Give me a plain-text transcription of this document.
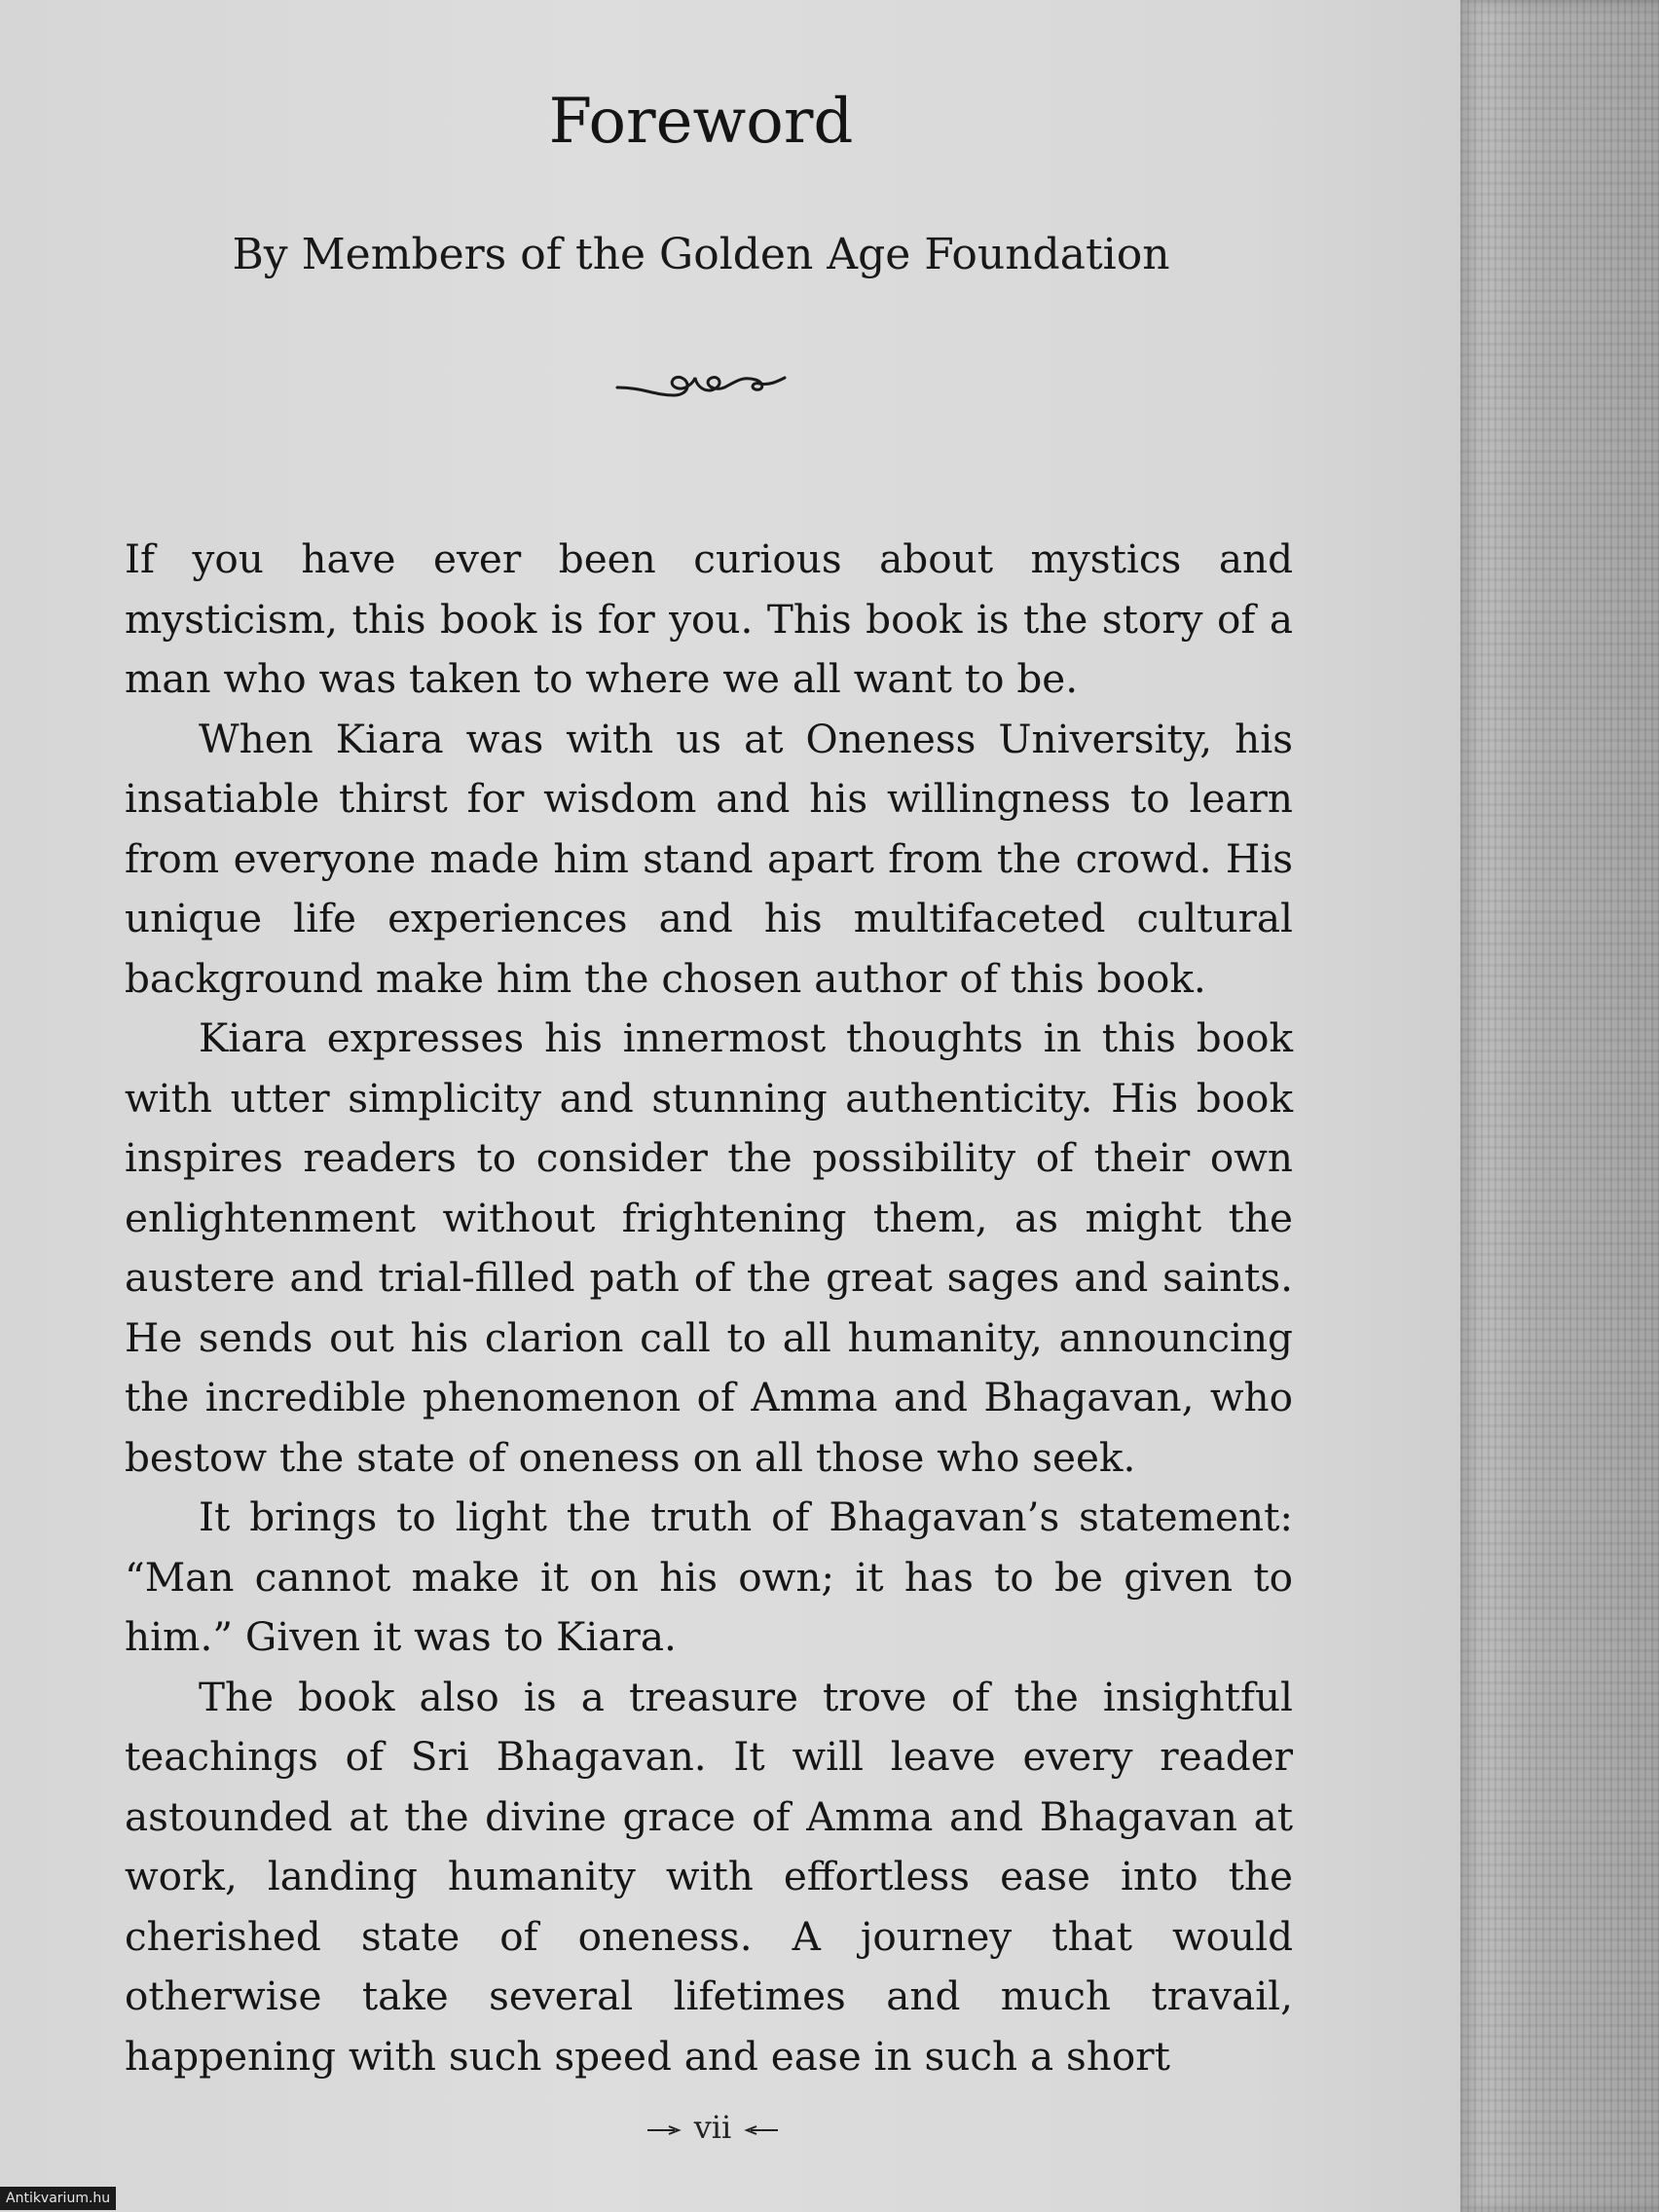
Foreword
By Members of the Golden Age Foundation

If you have ever been curious about mystics and mysticism, this book is for you. This book is the story of a man who was taken to where we all want to be.

When Kiara was with us at Oneness University, his insatiable thirst for wisdom and his willingness to learn from everyone made him stand apart from the crowd. His unique life experiences and his multifaceted cultural background make him the chosen author of this book.

Kiara expresses his innermost thoughts in this book with utter simplicity and stunning authenticity. His book inspires readers to consider the possibility of their own enlightenment without frightening them, as might the austere and trial-filled path of the great sages and saints. He sends out his clarion call to all humanity, announcing the incredible phenomenon of Amma and Bhagavan, who bestow the state of oneness on all those who seek.

It brings to light the truth of Bhagavan’s statement: “Man cannot make it on his own; it has to be given to him.” Given it was to Kiara.

The book also is a treasure trove of the insightful teachings of Sri Bhagavan. It will leave every reader astounded at the divine grace of Amma and Bhagavan at work, landing humanity with effortless ease into the cherished state of oneness. A journey that would otherwise take several lifetimes and much travail, happening with such speed and ease in such a short

vii
Antikvarium.hu
